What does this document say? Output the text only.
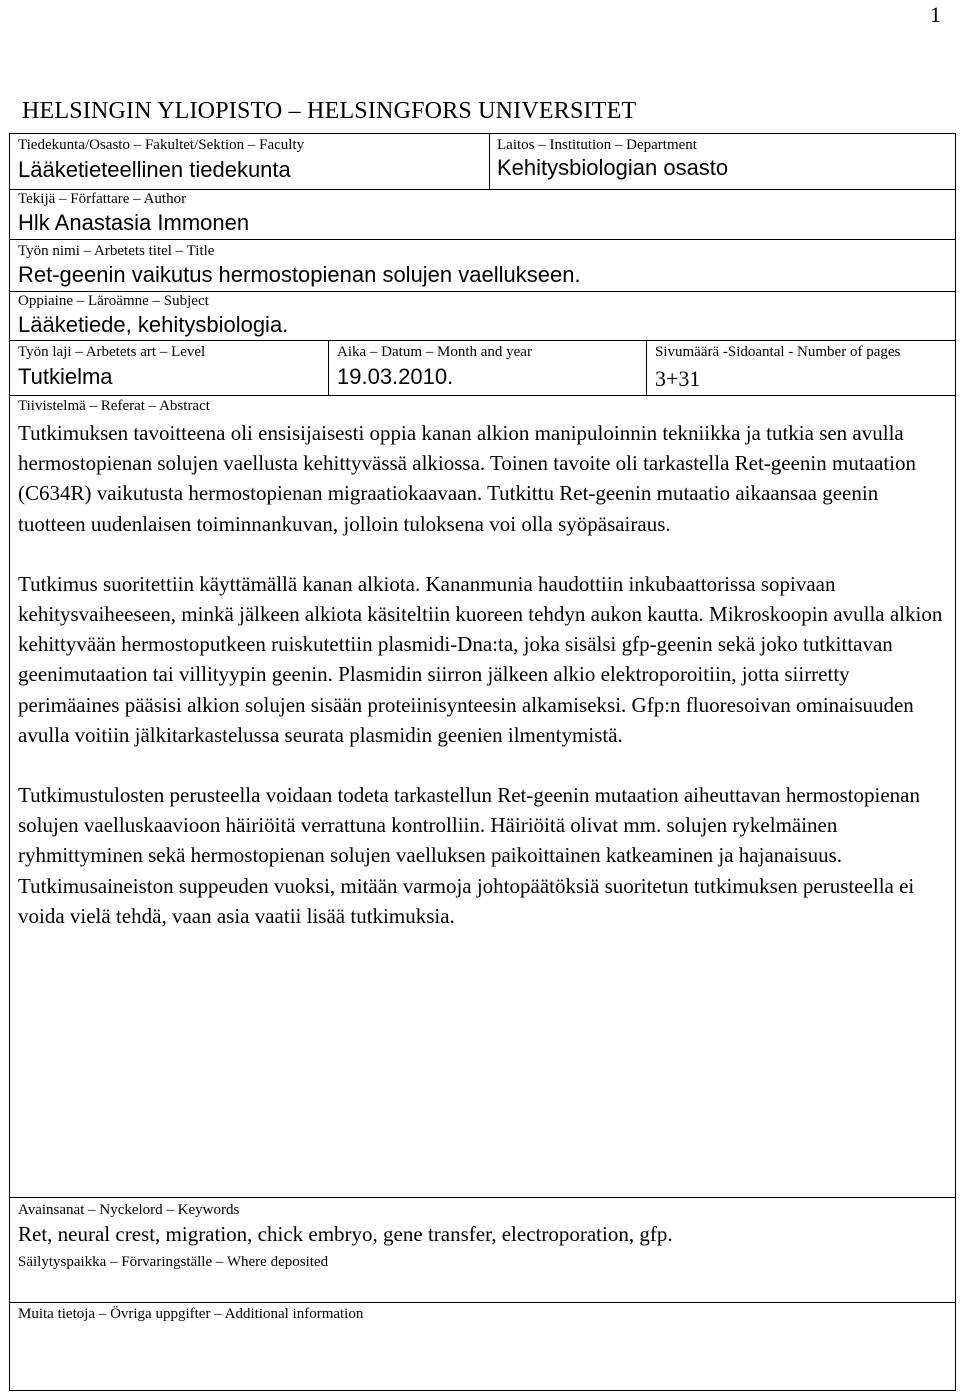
1
HELSINGIN YLIOPISTO – HELSINGFORS UNIVERSITET
Tiedekunta/Osasto – Fakultet/Sektion – Faculty
Lääketieteellinen tiedekunta
Laitos – Institution – Department
Kehitysbiologian osasto
Tekijä – Författare – Author
Hlk Anastasia Immonen
Työn nimi – Arbetets titel – Title
Ret-geenin vaikutus hermostopienan solujen vaellukseen.
Oppiaine – Läroämne – Subject
Lääketiede, kehitysbiologia.
Työn laji – Arbetets art – Level
Tutkielma
Aika – Datum – Month and year
19.03.2010.
Sivumäärä -Sidoantal - Number of pages
3+31
Tiivistelmä – Referat – Abstract

Tutkimuksen tavoitteena oli ensisijaisesti oppia kanan alkion manipuloinnin tekniikka ja tutkia sen avulla hermostopienan solujen vaellusta kehittyvässä alkiossa. Toinen tavoite oli tarkastella Ret-geenin mutaation (C634R) vaikutusta hermostopienan migraatiokaavaan. Tutkittu Ret-geenin mutaatio aikaansaa geenin tuotteen uudenlaisen toiminnankuvan, jolloin tuloksena voi olla syöpäsairaus.

Tutkimus suoritettiin käyttämällä kanan alkiota. Kananmunia haudottiin inkubaattorissa sopivaan kehitysvaiheeseen, minkä jälkeen alkiota käsiteltiin kuoreen tehdyn aukon kautta. Mikroskoopin avulla alkion kehittyvään hermostoputkeen ruiskutettiin plasmidi-Dna:ta, joka sisälsi gfp-geenin sekä joko tutkittavan geenimutaation tai villityypin geenin. Plasmidin siirron jälkeen alkio elektroporoitiin, jotta siirretty perimäaines pääsisi alkion solujen sisään proteiinisynteesin alkamiseksi. Gfp:n fluoresoivan ominaisuuden avulla voitiin jälkitarkastelussa seurata plasmidin geenien ilmentymistä.

Tutkimustulosten perusteella voidaan todeta tarkastellun Ret-geenin mutaation aiheuttavan hermostopienan solujen vaelluskaavioon häiriöitä verrattuna kontrolliin. Häiriöitä olivat mm. solujen rykelmäinen ryhmittyminen sekä hermostopienan solujen vaelluksen paikoittainen katkeaminen ja hajanaisuus. Tutkimusaineiston suppeuden vuoksi, mitään varmoja johtopäätöksiä suoritetun tutkimuksen perusteella ei voida vielä tehdä, vaan asia vaatii lisää tutkimuksia.

Avainsanat – Nyckelord – Keywords
Ret, neural crest, migration, chick embryo, gene transfer, electroporation, gfp.
Säilytyspaikka – Förvaringställe – Where deposited
Muita tietoja – Övriga uppgifter – Additional information
